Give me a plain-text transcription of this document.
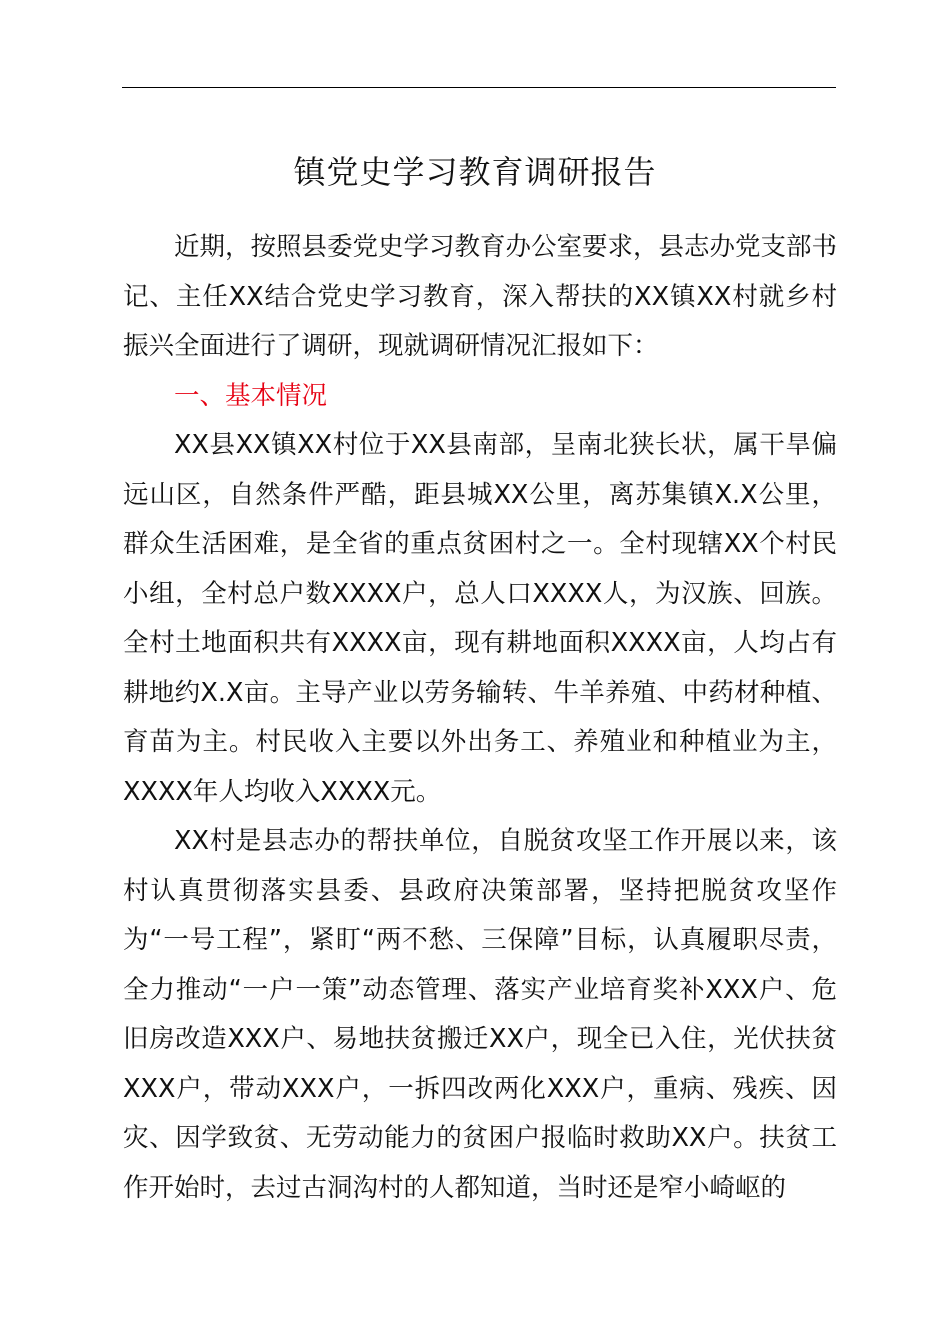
镇党史学习教育调研报告

近期，按照县委党史学习教育办公室要求，县志办党支部书记、主任XX结合党史学习教育，深入帮扶的XX镇XX村就乡村振兴全面进行了调研，现就调研情况汇报如下：

一、基本情况

XX县XX镇XX村位于XX县南部，呈南北狭长状，属干旱偏远山区，自然条件严酷，距县城XX公里，离苏集镇X.X公里，群众生活困难，是全省的重点贫困村之一。全村现辖XX个村民小组，全村总户数XXXX户，总人口XXXX人，为汉族、回族。全村土地面积共有XXXX亩，现有耕地面积XXXX亩，人均占有耕地约X.X亩。主导产业以劳务输转、牛羊养殖、中药材种植、育苗为主。村民收入主要以外出务工、养殖业和种植业为主，XXXX年人均收入XXXX元。

XX村是县志办的帮扶单位，自脱贫攻坚工作开展以来，该村认真贯彻落实县委、县政府决策部署，坚持把脱贫攻坚作为“一号工程”，紧盯“两不愁、三保障”目标，认真履职尽责，全力推动“一户一策”动态管理、落实产业培育奖补XXX户、危旧房改造XXX户、易地扶贫搬迁XX户，现全已入住，光伏扶贫XXX户，带动XXX户，一拆四改两化XXX户，重病、残疾、因灾、因学致贫、无劳动能力的贫困户报临时救助XX户。扶贫工作开始时，去过古洞沟村的人都知道，当时还是窄小崎岖的
